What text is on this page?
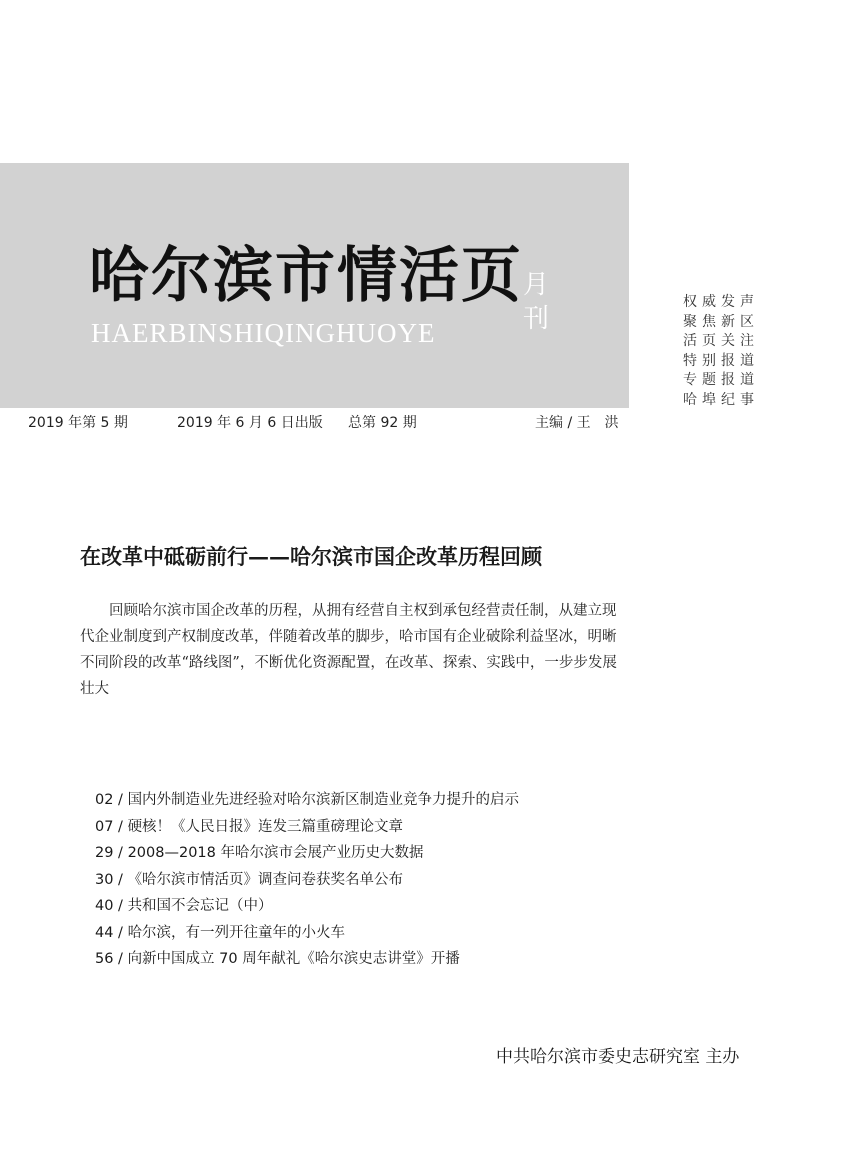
哈尔滨市情活页
HAERBINSHIQINGHUOYE
月
刊
权威发声
聚焦新区
活页关注
特别报道
专题报道
哈埠纪事
2019 年第 5 期	2019 年 6 月 6 日出版 总第 92 期	主编 / 王　洪
在改革中砥砺前行——哈尔滨市国企改革历程回顾
回顾哈尔滨市国企改革的历程，从拥有经营自主权到承包经营责任制，从建立现代企业制度到产权制度改革，伴随着改革的脚步，哈市国有企业破除利益坚冰，明晰不同阶段的改革“路线图”，不断优化资源配置，在改革、探索、实践中，一步步发展壮大
02 / 国内外制造业先进经验对哈尔滨新区制造业竞争力提升的启示
07 / 硬核！《人民日报》连发三篇重磅理论文章
29 / 2008—2018 年哈尔滨市会展产业历史大数据
30 / 《哈尔滨市情活页》调查问卷获奖名单公布
40 / 共和国不会忘记（中）
44 / 哈尔滨，有一列开往童年的小火车
56 / 向新中国成立 70 周年献礼《哈尔滨史志讲堂》开播
中共哈尔滨市委史志研究室 主办
